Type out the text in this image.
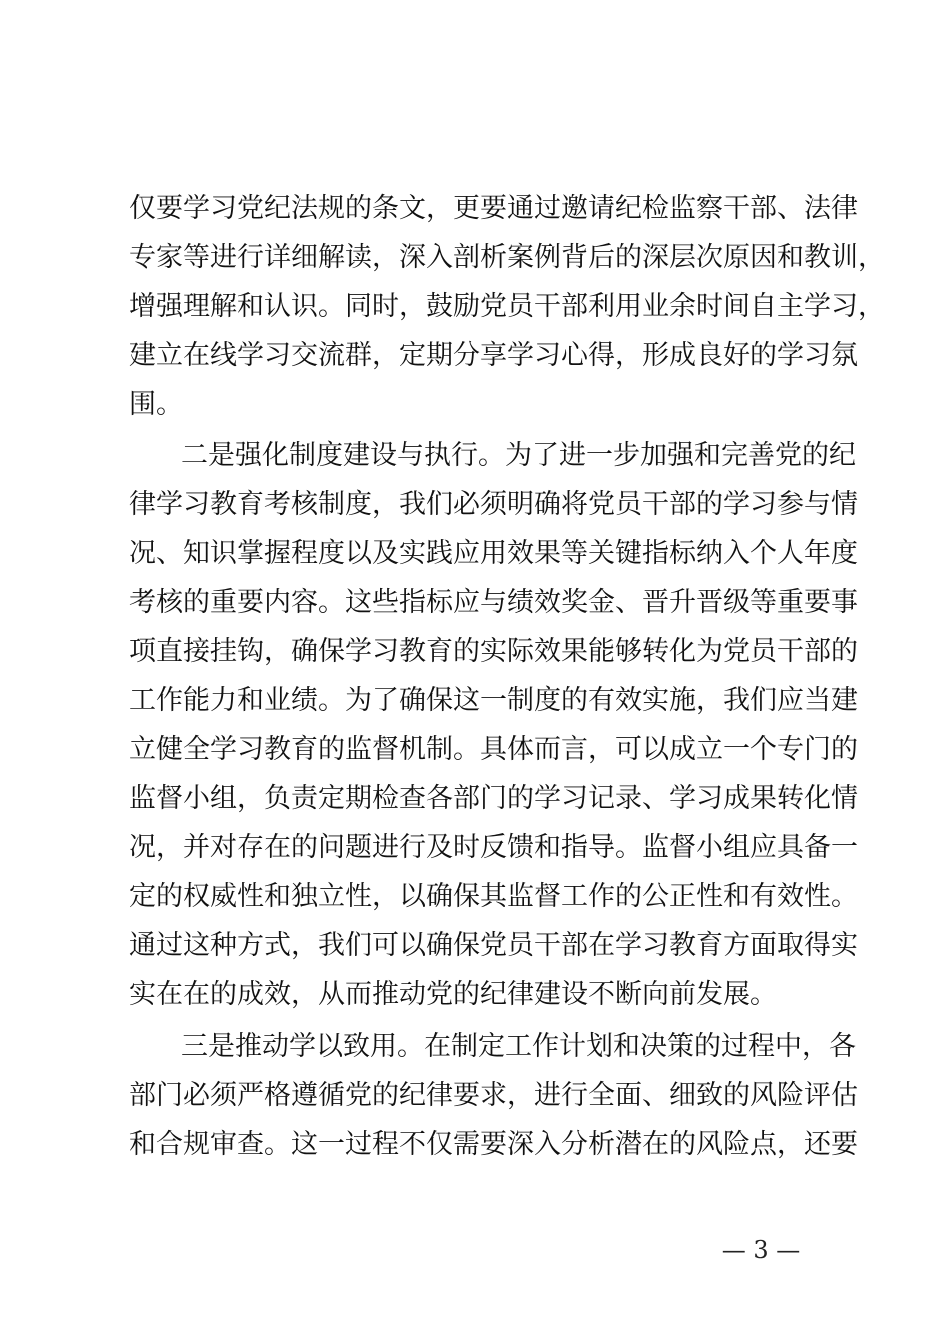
仅要学习党纪法规的条文，更要通过邀请纪检监察干部、法律
专家等进行详细解读，深入剖析案例背后的深层次原因和教训，
增强理解和认识。同时，鼓励党员干部利用业余时间自主学习，
建立在线学习交流群，定期分享学习心得，形成良好的学习氛
围。
二是强化制度建设与执行。为了进一步加强和完善党的纪
律学习教育考核制度，我们必须明确将党员干部的学习参与情
况、知识掌握程度以及实践应用效果等关键指标纳入个人年度
考核的重要内容。这些指标应与绩效奖金、晋升晋级等重要事
项直接挂钩，确保学习教育的实际效果能够转化为党员干部的
工作能力和业绩。为了确保这一制度的有效实施，我们应当建
立健全学习教育的监督机制。具体而言，可以成立一个专门的
监督小组，负责定期检查各部门的学习记录、学习成果转化情
况，并对存在的问题进行及时反馈和指导。监督小组应具备一
定的权威性和独立性，以确保其监督工作的公正性和有效性。
通过这种方式，我们可以确保党员干部在学习教育方面取得实
实在在的成效，从而推动党的纪律建设不断向前发展。
三是推动学以致用。在制定工作计划和决策的过程中，各
部门必须严格遵循党的纪律要求，进行全面、细致的风险评估
和合规审查。这一过程不仅需要深入分析潜在的风险点，还要
— 3 —
